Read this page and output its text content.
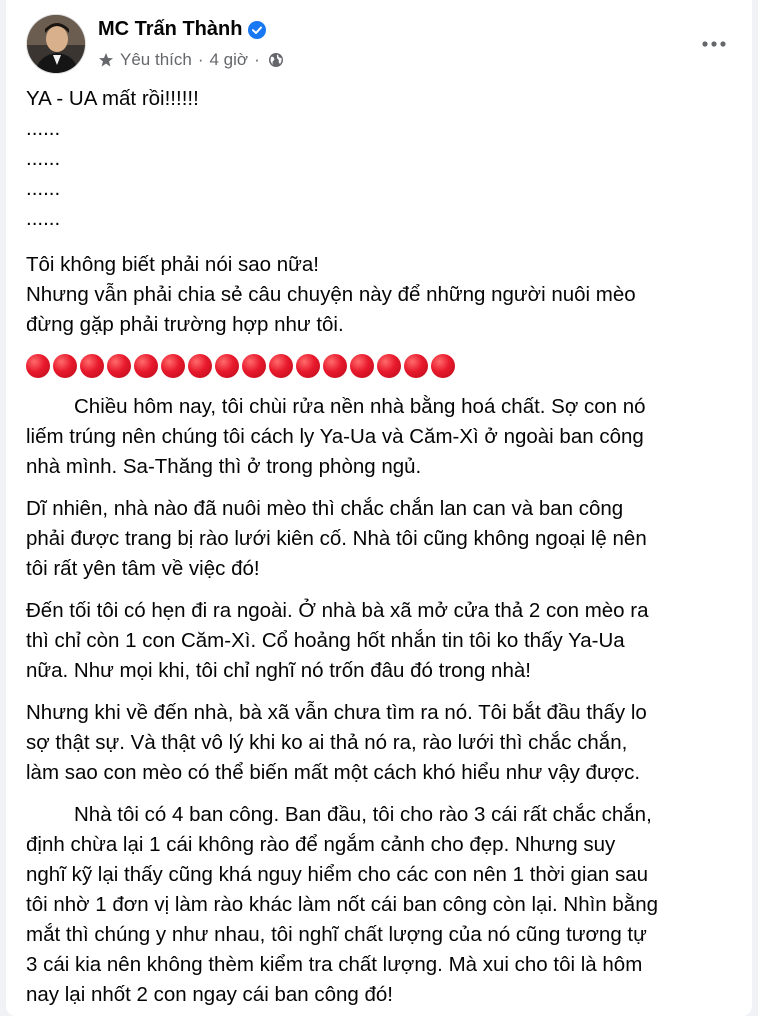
MC Trấn Thành
Yêu thích · 4 giờ ·

YA - UA mất rồi!!!!!!

......

......

......

......

Tôi không biết phải nói sao nữa!

Nhưng vẫn phải chia sẻ câu chuyện này để những người nuôi mèo

đừng gặp phải trường hợp như tôi.

Chiều hôm nay, tôi chùi rửa nền nhà bằng hoá chất. Sợ con nó

liếm trúng nên chúng tôi cách ly Ya-Ua và Căm-Xì ở ngoài ban công

nhà mình. Sa-Thăng thì ở trong phòng ngủ.

Dĩ nhiên, nhà nào đã nuôi mèo thì chắc chắn lan can và ban công

phải được trang bị rào lưới kiên cố. Nhà tôi cũng không ngoại lệ nên

tôi rất yên tâm về việc đó!

Đến tối tôi có hẹn đi ra ngoài. Ở nhà bà xã mở cửa thả 2 con mèo ra

thì chỉ còn 1 con Căm-Xì. Cổ hoảng hốt nhắn tin tôi ko thấy Ya-Ua

nữa. Như mọi khi, tôi chỉ nghĩ nó trốn đâu đó trong nhà!

Nhưng khi về đến nhà, bà xã vẫn chưa tìm ra nó. Tôi bắt đầu thấy lo

sợ thật sự. Và thật vô lý khi ko ai thả nó ra, rào lưới thì chắc chắn,

làm sao con mèo có thể biến mất một cách khó hiểu như vậy được.

Nhà tôi có 4 ban công. Ban đầu, tôi cho rào 3 cái rất chắc chắn,

định chừa lại 1 cái không rào để ngắm cảnh cho đẹp. Nhưng suy

nghĩ kỹ lại thấy cũng khá nguy hiểm cho các con nên 1 thời gian sau

tôi nhờ 1 đơn vị làm rào khác làm nốt cái ban công còn lại. Nhìn bằng

mắt thì chúng y như nhau, tôi nghĩ chất lượng của nó cũng tương tự

3 cái kia nên không thèm kiểm tra chất lượng. Mà xui cho tôi là hôm

nay lại nhốt 2 con ngay cái ban công đó!
